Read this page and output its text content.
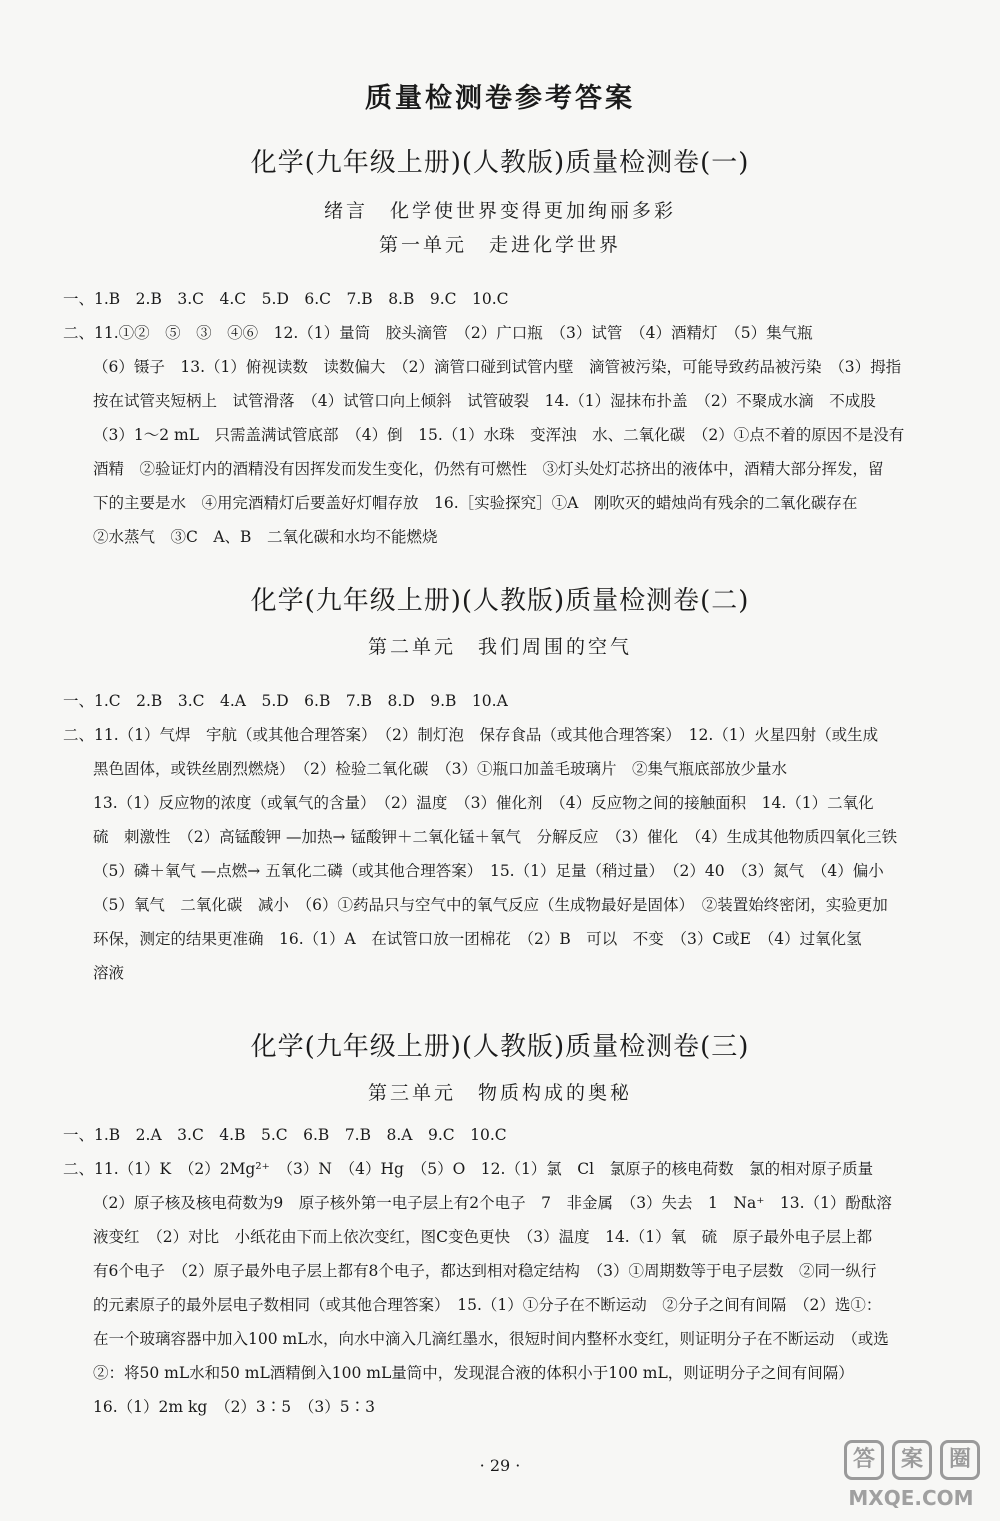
质量检测卷参考答案
化学(九年级上册)(人教版)质量检测卷(一)
绪言　化学使世界变得更加绚丽多彩
第一单元　走进化学世界
一、1.B　2.B　3.C　4.C　5.D　6.C　7.B　8.B　9.C　10.C
二、11.①②　⑤　③　④⑥　12.（1）量筒　胶头滴管　（2）广口瓶　（3）试管　（4）酒精灯　（5）集气瓶
（6）镊子　13.（1）俯视读数　读数偏大　（2）滴管口碰到试管内壁　滴管被污染，可能导致药品被污染　（3）拇指
按在试管夹短柄上　试管滑落　（4）试管口向上倾斜　试管破裂　14.（1）湿抹布扑盖　（2）不聚成水滴　不成股
（3）1～2 mL　只需盖满试管底部　（4）倒　15.（1）水珠　变浑浊　水、二氧化碳　（2）①点不着的原因不是没有
酒精　②验证灯内的酒精没有因挥发而发生变化，仍然有可燃性　③灯头处灯芯挤出的液体中，酒精大部分挥发，留
下的主要是水　④用完酒精灯后要盖好灯帽存放　16.［实验探究］①A　刚吹灭的蜡烛尚有残余的二氧化碳存在
②水蒸气　③C　A、B　二氧化碳和水均不能燃烧
化学(九年级上册)(人教版)质量检测卷(二)
第二单元　我们周围的空气
一、1.C　2.B　3.C　4.A　5.D　6.B　7.B　8.D　9.B　10.A
二、11.（1）气焊　宇航（或其他合理答案）　（2）制灯泡　保存食品（或其他合理答案）　12.（1）火星四射（或生成
黑色固体，或铁丝剧烈燃烧）　（2）检验二氧化碳　（3）①瓶口加盖毛玻璃片　②集气瓶底部放少量水
13.（1）反应物的浓度（或氧气的含量）　（2）温度　（3）催化剂　（4）反应物之间的接触面积　14.（1）二氧化
硫　刺激性　（2）高锰酸钾 —加热→ 锰酸钾＋二氧化锰＋氧气　分解反应　（3）催化　（4）生成其他物质四氧化三铁
（5）磷＋氧气 —点燃→ 五氧化二磷（或其他合理答案）　15.（1）足量（稍过量）　（2）40　（3）氮气　（4）偏小
（5）氧气　二氧化碳　减小　（6）①药品只与空气中的氧气反应（生成物最好是固体）　②装置始终密闭，实验更加
环保，测定的结果更准确　16.（1）A　在试管口放一团棉花　（2）B　可以　不变　（3）C或E　（4）过氧化氢
溶液
化学(九年级上册)(人教版)质量检测卷(三)
第三单元　物质构成的奥秘
一、1.B　2.A　3.C　4.B　5.C　6.B　7.B　8.A　9.C　10.C
二、11.（1）K　（2）2Mg²⁺　（3）N　（4）Hg　（5）O　12.（1）氯　Cl　氯原子的核电荷数　氯的相对原子质量
（2）原子核及核电荷数为9　原子核外第一电子层上有2个电子　7　非金属　（3）失去　1　Na⁺　13.（1）酚酞溶
液变红　（2）对比　小纸花由下而上依次变红，图C变色更快　（3）温度　14.（1）氧　硫　原子最外电子层上都
有6个电子　（2）原子最外电子层上都有8个电子，都达到相对稳定结构　（3）①周期数等于电子层数　②同一纵行
的元素原子的最外层电子数相同（或其他合理答案）　15.（1）①分子在不断运动　②分子之间有间隔　（2）选①：
在一个玻璃容器中加入100 mL水，向水中滴入几滴红墨水，很短时间内整杯水变红，则证明分子在不断运动　（或选
②：将50 mL水和50 mL酒精倒入100 mL量筒中，发现混合液的体积小于100 mL，则证明分子之间有间隔）
16.（1）2m kg　（2）3∶5　（3）5∶3
· 29 ·	答	案	圈
MXQE.COM
